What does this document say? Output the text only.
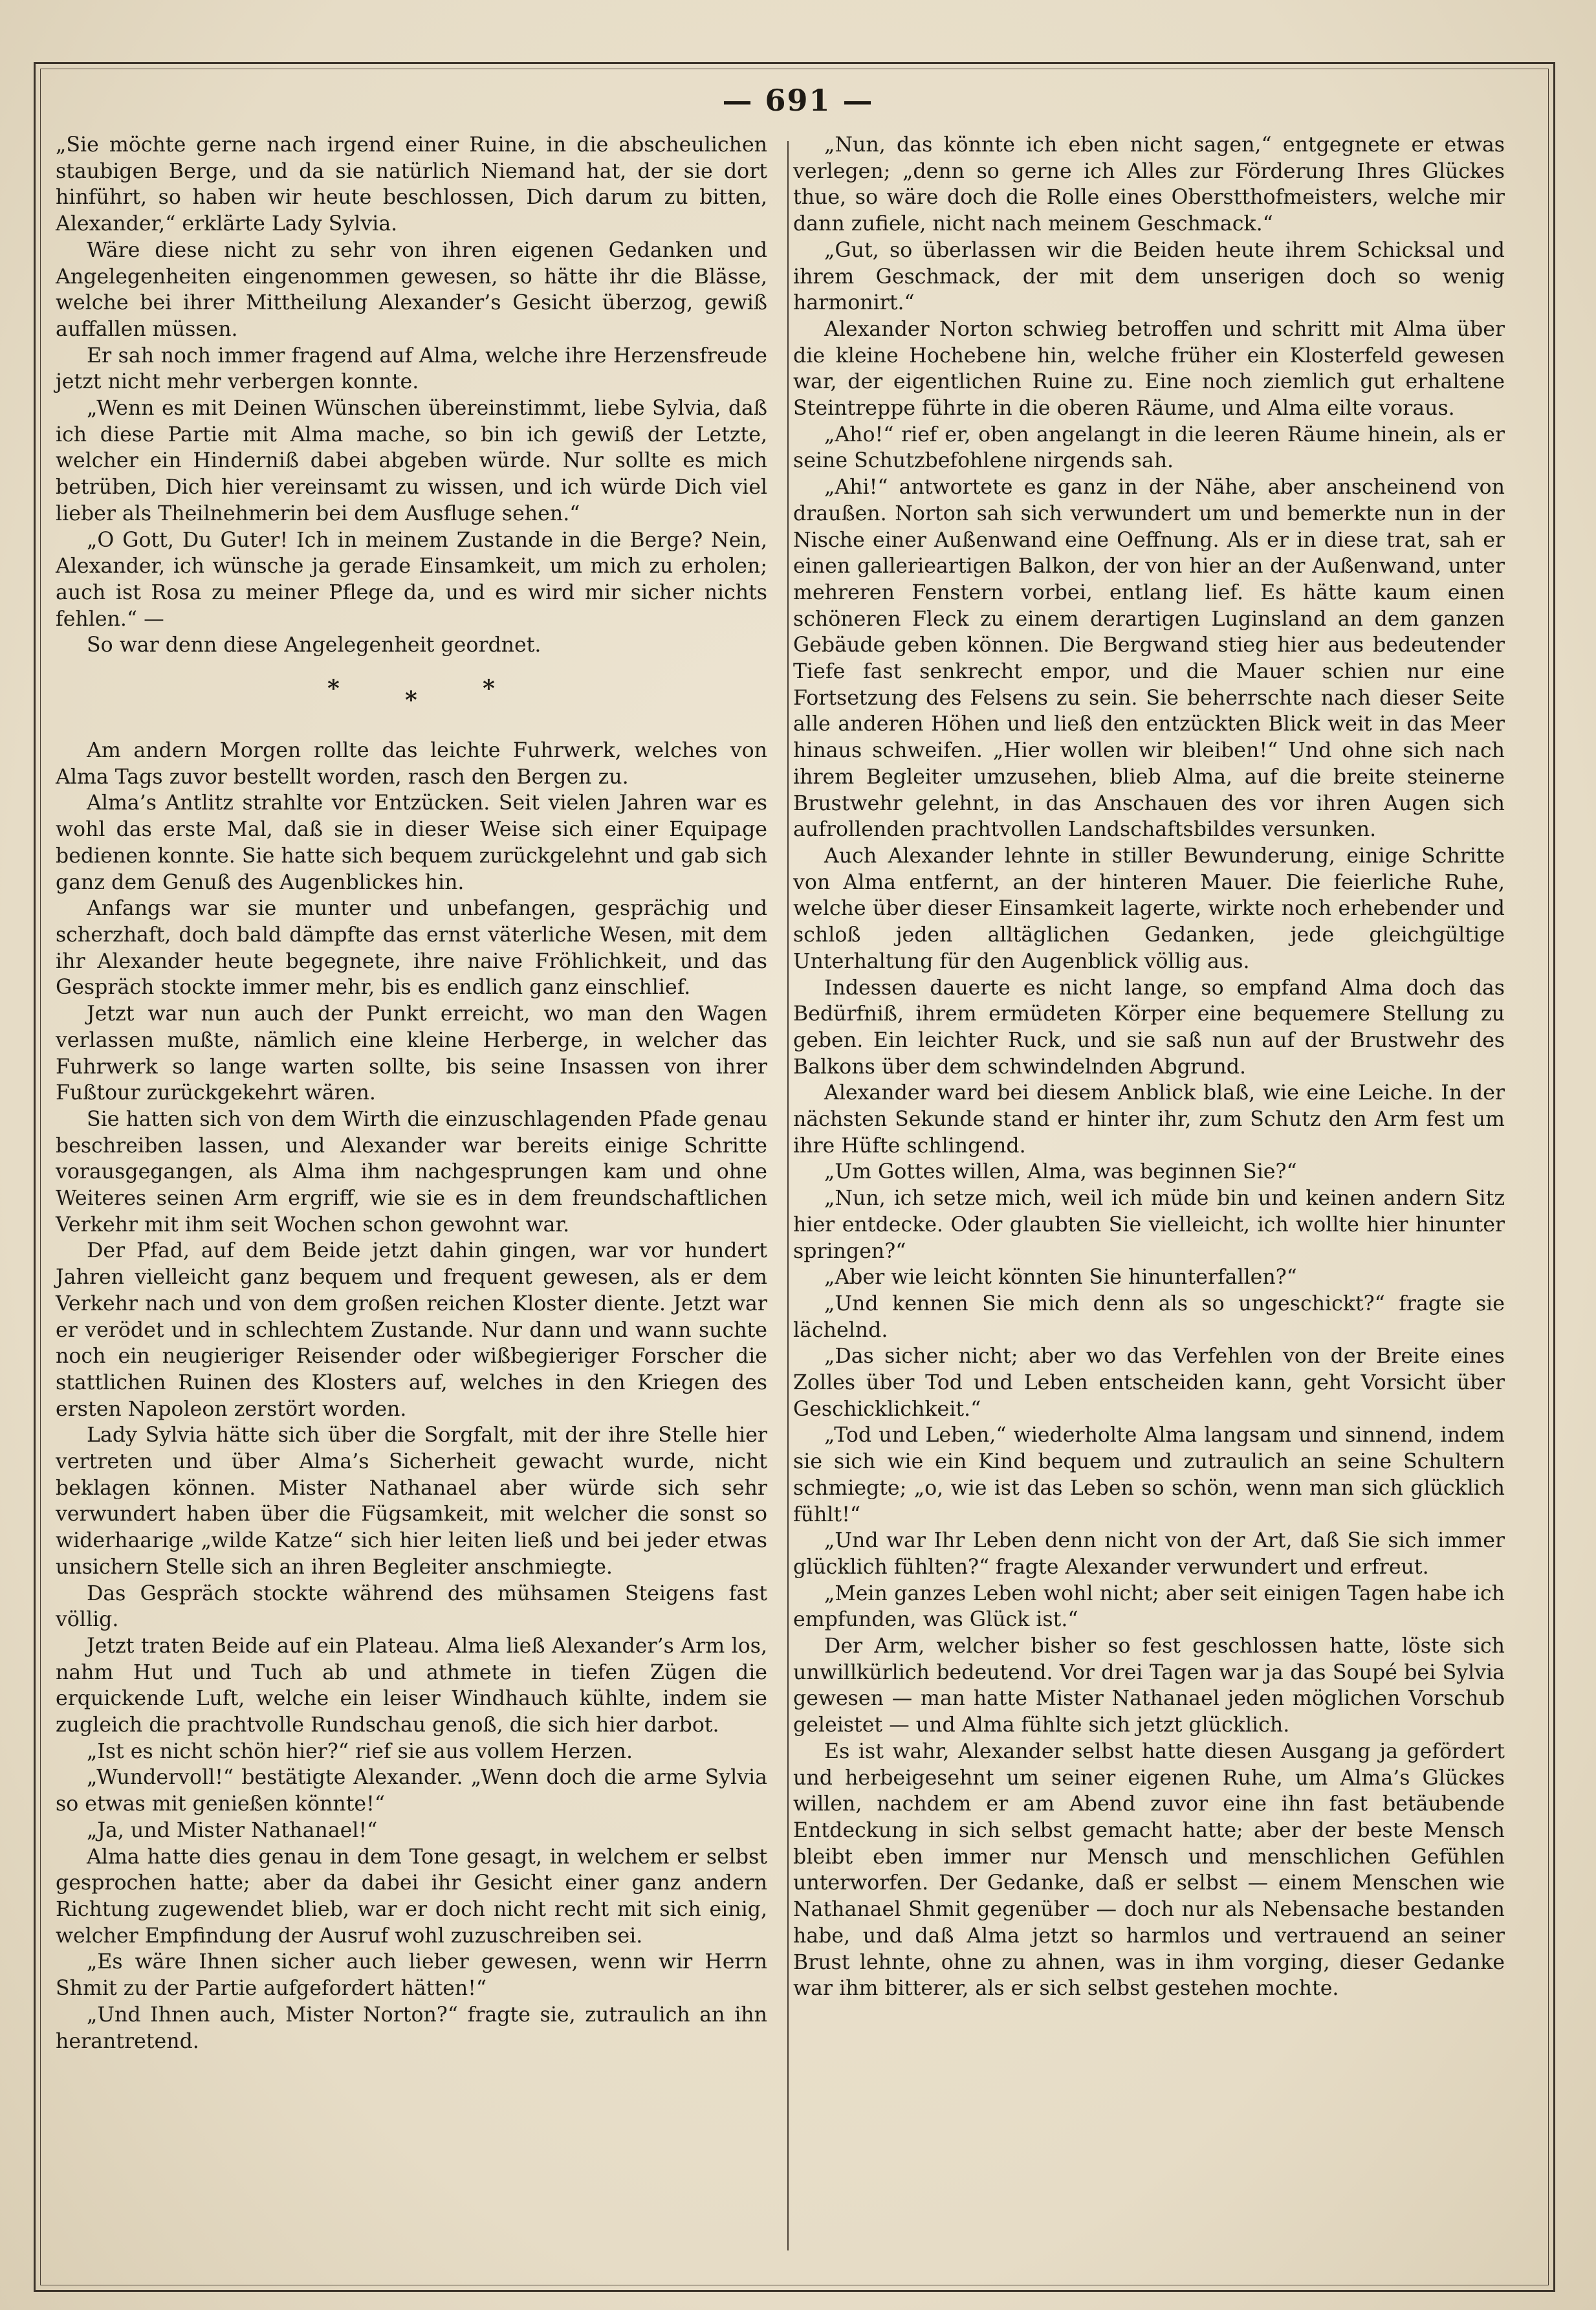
— 691 —

„Sie möchte gerne nach irgend einer Ruine, in die abscheulichen staubigen Berge, und da sie natürlich Niemand hat, der sie dort hinführt, so haben wir heute beschlossen, Dich darum zu bitten, Alexander,“ erklärte Lady Sylvia.

Wäre diese nicht zu sehr von ihren eigenen Gedanken und Angelegenheiten eingenommen gewesen, so hätte ihr die Blässe, welche bei ihrer Mittheilung Alexander’s Gesicht überzog, gewiß auffallen müssen.

Er sah noch immer fragend auf Alma, welche ihre Herzensfreude jetzt nicht mehr verbergen konnte.

„Wenn es mit Deinen Wünschen übereinstimmt, liebe Sylvia, daß ich diese Partie mit Alma mache, so bin ich gewiß der Letzte, welcher ein Hinderniß dabei abgeben würde. Nur sollte es mich betrüben, Dich hier vereinsamt zu wissen, und ich würde Dich viel lieber als Theilnehmerin bei dem Ausfluge sehen.“

„O Gott, Du Guter! Ich in meinem Zustande in die Berge? Nein, Alexander, ich wünsche ja gerade Einsamkeit, um mich zu erholen; auch ist Rosa zu meiner Pflege da, und es wird mir sicher nichts fehlen.“ —

So war denn diese Angelegenheit geordnet.

*	*	*

Am andern Morgen rollte das leichte Fuhrwerk, welches von Alma Tags zuvor bestellt worden, rasch den Bergen zu.

Alma’s Antlitz strahlte vor Entzücken. Seit vielen Jahren war es wohl das erste Mal, daß sie in dieser Weise sich einer Equipage bedienen konnte. Sie hatte sich bequem zurückgelehnt und gab sich ganz dem Genuß des Augenblickes hin.

Anfangs war sie munter und unbefangen, gesprächig und scherzhaft, doch bald dämpfte das ernst väterliche Wesen, mit dem ihr Alexander heute begegnete, ihre naive Fröhlichkeit, und das Gespräch stockte immer mehr, bis es endlich ganz einschlief.

Jetzt war nun auch der Punkt erreicht, wo man den Wagen verlassen mußte, nämlich eine kleine Herberge, in welcher das Fuhrwerk so lange warten sollte, bis seine Insassen von ihrer Fußtour zurückgekehrt wären.

Sie hatten sich von dem Wirth die einzuschlagenden Pfade genau beschreiben lassen, und Alexander war bereits einige Schritte vorausgegangen, als Alma ihm nachgesprungen kam und ohne Weiteres seinen Arm ergriff, wie sie es in dem freundschaftlichen Verkehr mit ihm seit Wochen schon gewohnt war.

Der Pfad, auf dem Beide jetzt dahin gingen, war vor hundert Jahren vielleicht ganz bequem und frequent gewesen, als er dem Verkehr nach und von dem großen reichen Kloster diente. Jetzt war er verödet und in schlechtem Zustande. Nur dann und wann suchte noch ein neugieriger Reisender oder wißbegieriger Forscher die stattlichen Ruinen des Klosters auf, welches in den Kriegen des ersten Napoleon zerstört worden.

Lady Sylvia hätte sich über die Sorgfalt, mit der ihre Stelle hier vertreten und über Alma’s Sicherheit gewacht wurde, nicht beklagen können. Mister Nathanael aber würde sich sehr verwundert haben über die Fügsamkeit, mit welcher die sonst so widerhaarige „wilde Katze“ sich hier leiten ließ und bei jeder etwas unsichern Stelle sich an ihren Begleiter anschmiegte.

Das Gespräch stockte während des mühsamen Steigens fast völlig.

Jetzt traten Beide auf ein Plateau. Alma ließ Alexander’s Arm los, nahm Hut und Tuch ab und athmete in tiefen Zügen die erquickende Luft, welche ein leiser Windhauch kühlte, indem sie zugleich die prachtvolle Rundschau genoß, die sich hier darbot.

„Ist es nicht schön hier?“ rief sie aus vollem Herzen.

„Wundervoll!“ bestätigte Alexander. „Wenn doch die arme Sylvia so etwas mit genießen könnte!“

„Ja, und Mister Nathanael!“

Alma hatte dies genau in dem Tone gesagt, in welchem er selbst gesprochen hatte; aber da dabei ihr Gesicht einer ganz andern Richtung zugewendet blieb, war er doch nicht recht mit sich einig, welcher Empfindung der Ausruf wohl zuzuschreiben sei.

„Es wäre Ihnen sicher auch lieber gewesen, wenn wir Herrn Shmit zu der Partie aufgefordert hätten!“

„Und Ihnen auch, Mister Norton?“ fragte sie, zutraulich an ihn herantretend.

„Nun, das könnte ich eben nicht sagen,“ entgegnete er etwas verlegen; „denn so gerne ich Alles zur Förderung Ihres Glückes thue, so wäre doch die Rolle eines Oberstthofmeisters, welche mir dann zufiele, nicht nach meinem Geschmack.“

„Gut, so überlassen wir die Beiden heute ihrem Schicksal und ihrem Geschmack, der mit dem unserigen doch so wenig harmonirt.“

Alexander Norton schwieg betroffen und schritt mit Alma über die kleine Hochebene hin, welche früher ein Klosterfeld gewesen war, der eigentlichen Ruine zu. Eine noch ziemlich gut erhaltene Steintreppe führte in die oberen Räume, und Alma eilte voraus.

„Aho!“ rief er, oben angelangt in die leeren Räume hinein, als er seine Schutzbefohlene nirgends sah.

„Ahi!“ antwortete es ganz in der Nähe, aber anscheinend von draußen. Norton sah sich verwundert um und bemerkte nun in der Nische einer Außenwand eine Oeffnung. Als er in diese trat, sah er einen gallerieartigen Balkon, der von hier an der Außenwand, unter mehreren Fenstern vorbei, entlang lief. Es hätte kaum einen schöneren Fleck zu einem derartigen Luginsland an dem ganzen Gebäude geben können. Die Bergwand stieg hier aus bedeutender Tiefe fast senkrecht empor, und die Mauer schien nur eine Fortsetzung des Felsens zu sein. Sie beherrschte nach dieser Seite alle anderen Höhen und ließ den entzückten Blick weit in das Meer hinaus schweifen. „Hier wollen wir bleiben!“ Und ohne sich nach ihrem Begleiter umzusehen, blieb Alma, auf die breite steinerne Brustwehr gelehnt, in das Anschauen des vor ihren Augen sich aufrollenden prachtvollen Landschaftsbildes versunken.

Auch Alexander lehnte in stiller Bewunderung, einige Schritte von Alma entfernt, an der hinteren Mauer. Die feierliche Ruhe, welche über dieser Einsamkeit lagerte, wirkte noch erhebender und schloß jeden alltäglichen Gedanken, jede gleichgültige Unterhaltung für den Augenblick völlig aus.

Indessen dauerte es nicht lange, so empfand Alma doch das Bedürfniß, ihrem ermüdeten Körper eine bequemere Stellung zu geben. Ein leichter Ruck, und sie saß nun auf der Brustwehr des Balkons über dem schwindelnden Abgrund.

Alexander ward bei diesem Anblick blaß, wie eine Leiche. In der nächsten Sekunde stand er hinter ihr, zum Schutz den Arm fest um ihre Hüfte schlingend.

„Um Gottes willen, Alma, was beginnen Sie?“

„Nun, ich setze mich, weil ich müde bin und keinen andern Sitz hier entdecke. Oder glaubten Sie vielleicht, ich wollte hier hinunter springen?“

„Aber wie leicht könnten Sie hinunterfallen?“

„Und kennen Sie mich denn als so ungeschickt?“ fragte sie lächelnd.

„Das sicher nicht; aber wo das Verfehlen von der Breite eines Zolles über Tod und Leben entscheiden kann, geht Vorsicht über Geschicklichkeit.“

„Tod und Leben,“ wiederholte Alma langsam und sinnend, indem sie sich wie ein Kind bequem und zutraulich an seine Schultern schmiegte; „o, wie ist das Leben so schön, wenn man sich glücklich fühlt!“

„Und war Ihr Leben denn nicht von der Art, daß Sie sich immer glücklich fühlten?“ fragte Alexander verwundert und erfreut.

„Mein ganzes Leben wohl nicht; aber seit einigen Tagen habe ich empfunden, was Glück ist.“

Der Arm, welcher bisher so fest geschlossen hatte, löste sich unwillkürlich bedeutend. Vor drei Tagen war ja das Soupé bei Sylvia gewesen — man hatte Mister Nathanael jeden möglichen Vorschub geleistet — und Alma fühlte sich jetzt glücklich.

Es ist wahr, Alexander selbst hatte diesen Ausgang ja gefördert und herbeigesehnt um seiner eigenen Ruhe, um Alma’s Glückes willen, nachdem er am Abend zuvor eine ihn fast betäubende Entdeckung in sich selbst gemacht hatte; aber der beste Mensch bleibt eben immer nur Mensch und menschlichen Gefühlen unterworfen. Der Gedanke, daß er selbst — einem Menschen wie Nathanael Shmit gegenüber — doch nur als Nebensache bestanden habe, und daß Alma jetzt so harmlos und vertrauend an seiner Brust lehnte, ohne zu ahnen, was in ihm vorging, dieser Gedanke war ihm bitterer, als er sich selbst gestehen mochte.
